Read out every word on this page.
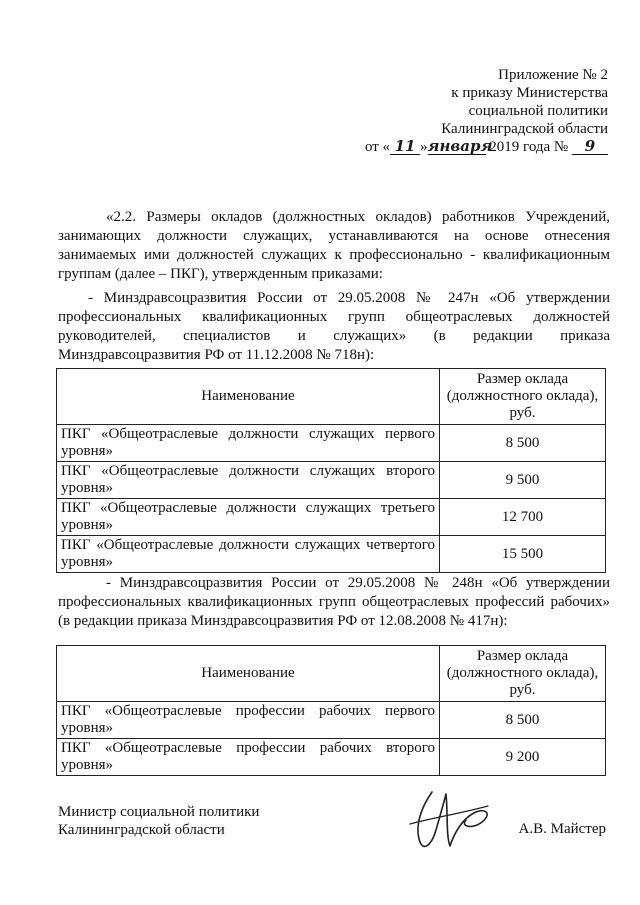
Приложение № 2
к приказу Министерства
социальной политики
Калининградской области
от « 11 »января 2019 года № 9
«2.2. Размеры окладов (должностных окладов) работников Учреждений, занимающих должности служащих, устанавливаются на основе отнесения занимаемых ими должностей служащих к профессионально - квалификационным группам (далее – ПКГ), утвержденным приказами:
- Минздравсоцразвития России от 29.05.2008 № 247н «Об утверждении профессиональных квалификационных групп общеотраслевых должностей руководителей, специалистов и служащих» (в редакции приказа Минздравсоцразвития РФ от 11.12.2008 № 718н):
Наименование	Размер оклада (должностного оклада), руб.
ПКГ «Общеотраслевые должности служащих первого уровня»	8 500
ПКГ «Общеотраслевые должности служащих второго уровня»	9 500
ПКГ «Общеотраслевые должности служащих третьего уровня»	12 700
ПКГ «Общеотраслевые должности служащих четвертого уровня»	15 500
- Минздравсоцразвития России от 29.05.2008 № 248н «Об утверждении профессиональных квалификационных групп общеотраслевых профессий рабочих» (в редакции приказа Минздравсоцразвития РФ от 12.08.2008 № 417н):
Наименование	Размер оклада (должностного оклада), руб.
ПКГ «Общеотраслевые профессии рабочих первого уровня»	8 500
ПКГ «Общеотраслевые профессии рабочих второго уровня»	9 200
Министр социальной политики
Калининградской области	А.В. Майстер
